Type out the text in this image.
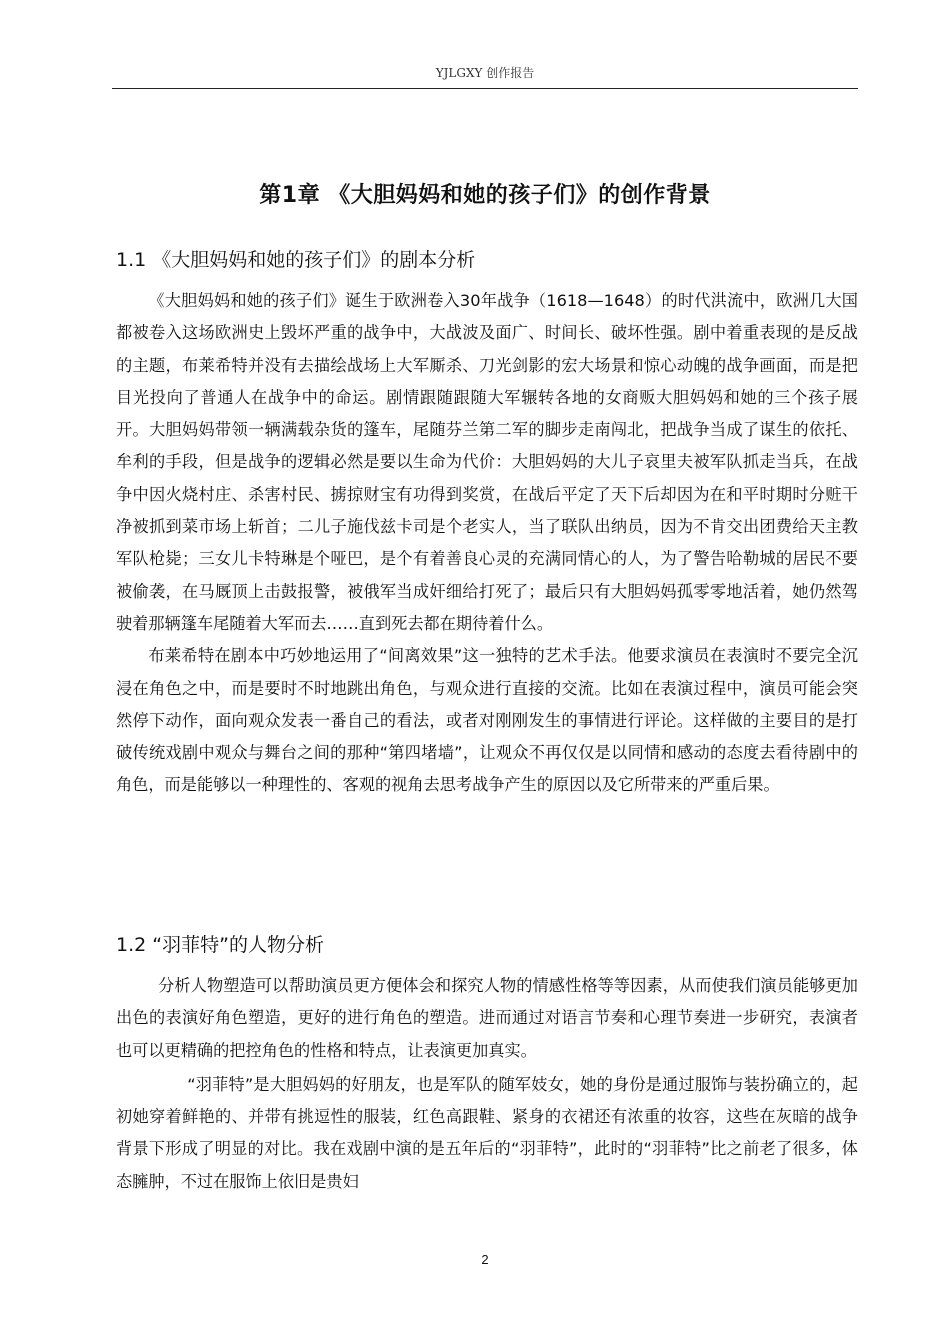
YJLGXY 创作报告
第1章 《大胆妈妈和她的孩子们》的创作背景
1.1 《大胆妈妈和她的孩子们》的剧本分析

《大胆妈妈和她的孩子们》诞生于欧洲卷入30年战争（1618—1648）的时代洪流中，欧洲几大国都被卷入这场欧洲史上毁坏严重的战争中，大战波及面广、时间长、破坏性强。剧中着重表现的是反战的主题，布莱希特并没有去描绘战场上大军厮杀、刀光剑影的宏大场景和惊心动魄的战争画面，而是把目光投向了普通人在战争中的命运。剧情跟随跟随大军辗转各地的女商贩大胆妈妈和她的三个孩子展开。大胆妈妈带领一辆满载杂货的篷车，尾随芬兰第二军的脚步走南闯北，把战争当成了谋生的依托、牟利的手段，但是战争的逻辑必然是要以生命为代价：大胆妈妈的大儿子哀里夫被军队抓走当兵，在战争中因火烧村庄、杀害村民、掳掠财宝有功得到奖赏，在战后平定了天下后却因为在和平时期时分赃干净被抓到菜市场上斩首；二儿子施伐兹卡司是个老实人，当了联队出纳员，因为不肯交出团费给天主教军队枪毙；三女儿卡特琳是个哑巴，是个有着善良心灵的充满同情心的人，为了警告哈勒城的居民不要被偷袭，在马厩顶上击鼓报警，被俄军当成奸细给打死了；最后只有大胆妈妈孤零零地活着，她仍然驾驶着那辆篷车尾随着大军而去……直到死去都在期待着什么。

布莱希特在剧本中巧妙地运用了“间离效果”这一独特的艺术手法。他要求演员在表演时不要完全沉浸在角色之中，而是要时不时地跳出角色，与观众进行直接的交流。比如在表演过程中，演员可能会突然停下动作，面向观众发表一番自己的看法，或者对刚刚发生的事情进行评论。这样做的主要目的是打破传统戏剧中观众与舞台之间的那种“第四堵墙”，让观众不再仅仅是以同情和感动的态度去看待剧中的角色，而是能够以一种理性的、客观的视角去思考战争产生的原因以及它所带来的严重后果。

1.2 “羽菲特”的人物分析

分析人物塑造可以帮助演员更方便体会和探究人物的情感性格等等因素，从而使我们演员能够更加出色的表演好角色塑造，更好的进行角色的塑造。进而通过对语言节奏和心理节奏进一步研究，表演者也可以更精确的把控角色的性格和特点，让表演更加真实。

“羽菲特”是大胆妈妈的好朋友，也是军队的随军妓女，她的身份是通过服饰与装扮确立的，起初她穿着鲜艳的、并带有挑逗性的服装，红色高跟鞋、紧身的衣裙还有浓重的妆容，这些在灰暗的战争背景下形成了明显的对比。我在戏剧中演的是五年后的“羽菲特”，此时的“羽菲特”比之前老了很多，体态臃肿，不过在服饰上依旧是贵妇

2
